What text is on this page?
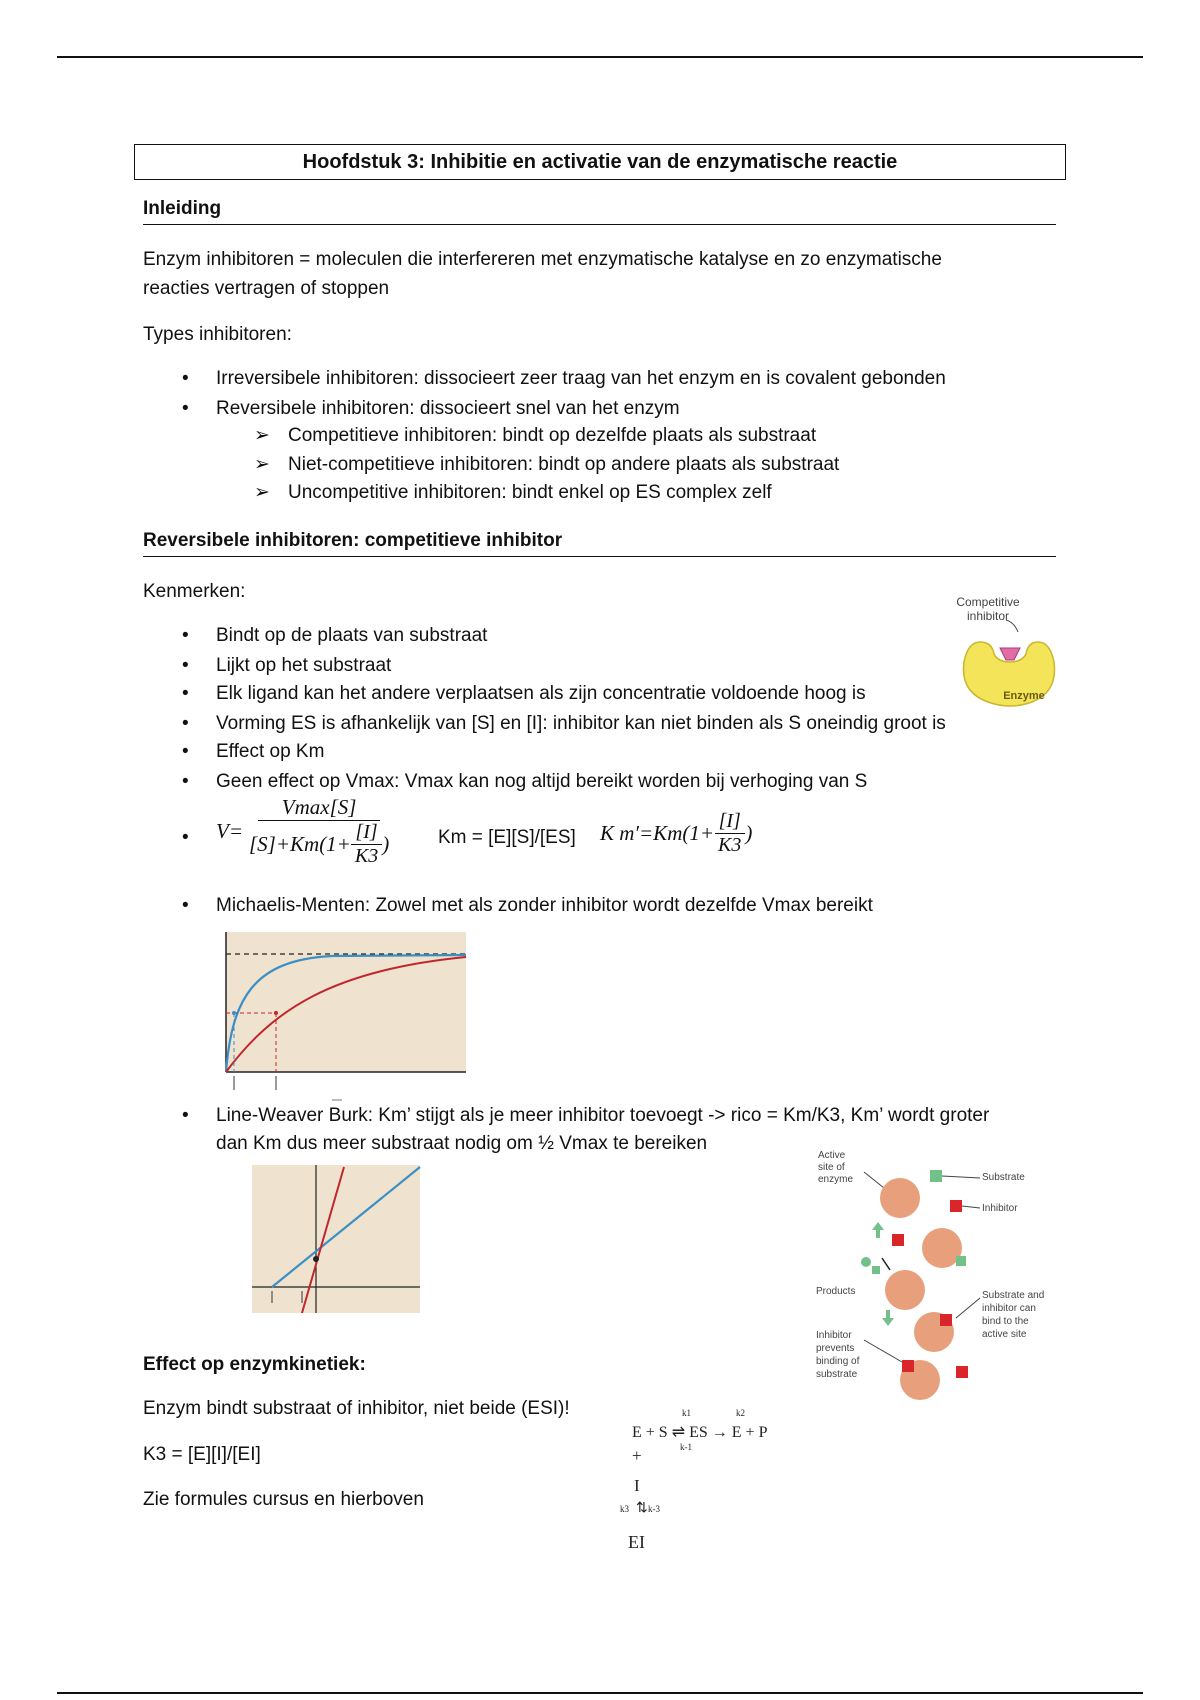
Hoofdstuk 3: Inhibitie en activatie van de enzymatische reactie
Inleiding
Enzym inhibitoren = moleculen die interfereren met enzymatische katalyse en zo enzymatische
reacties vertragen of stoppen
Types inhibitoren:
• Irreversibele inhibitoren: dissocieert zeer traag van het enzym en is covalent gebonden
• Reversibele inhibitoren: dissocieert snel van het enzym
➢ Competitieve inhibitoren: bindt op dezelfde plaats als substraat
➢ Niet-competitieve inhibitoren: bindt op andere plaats als substraat
➢ Uncompetitive inhibitoren: bindt enkel op ES complex zelf
Reversibele inhibitoren: competitieve inhibitor
Kenmerken:
• Bindt op de plaats van substraat
• Lijkt op het substraat
• Elk ligand kan het andere verplaatsen als zijn concentratie voldoende hoog is
• Vorming ES is afhankelijk van [S] en [I]: inhibitor kan niet binden als S oneindig groot is
• Effect op Km
• Geen effect op Vmax: Vmax kan nog altijd bereikt worden bij verhoging van S
Competitive
inhibitor
Enzyme
• $V= \frac{Vmax[S]}{[S]+Km(1+ \frac{[I]}{K3} )}$ Km = [E][S]/[ES] K $m'=Km(1+ \frac{[I]}{K3}$ )
• Michaelis-Menten: Zowel met als zonder inhibitor wordt dezelfde Vmax bereikt
• Line-Weaver Burk: Km’ stijgt als je meer inhibitor toevoegt -> rico = Km/K3, Km’ wordt groter
dan Km dus meer substraat nodig om ½ Vmax te bereiken
Active
site of
enzyme	Substrate
Inhibitor
Products	Substrate and
inhibitor can
bind to the
active site
Inhibitor
prevents
binding of
substrate
Effect op enzymkinetiek:
Enzym bindt substraat of inhibitor, niet beide (ESI)!
K3 = [E][I]/[EI]
Zie formules cursus en hierboven
E + S ⇌ ES → E + P
k1
k-1
k2
+
I
k3 ⇅ k-3
EI
